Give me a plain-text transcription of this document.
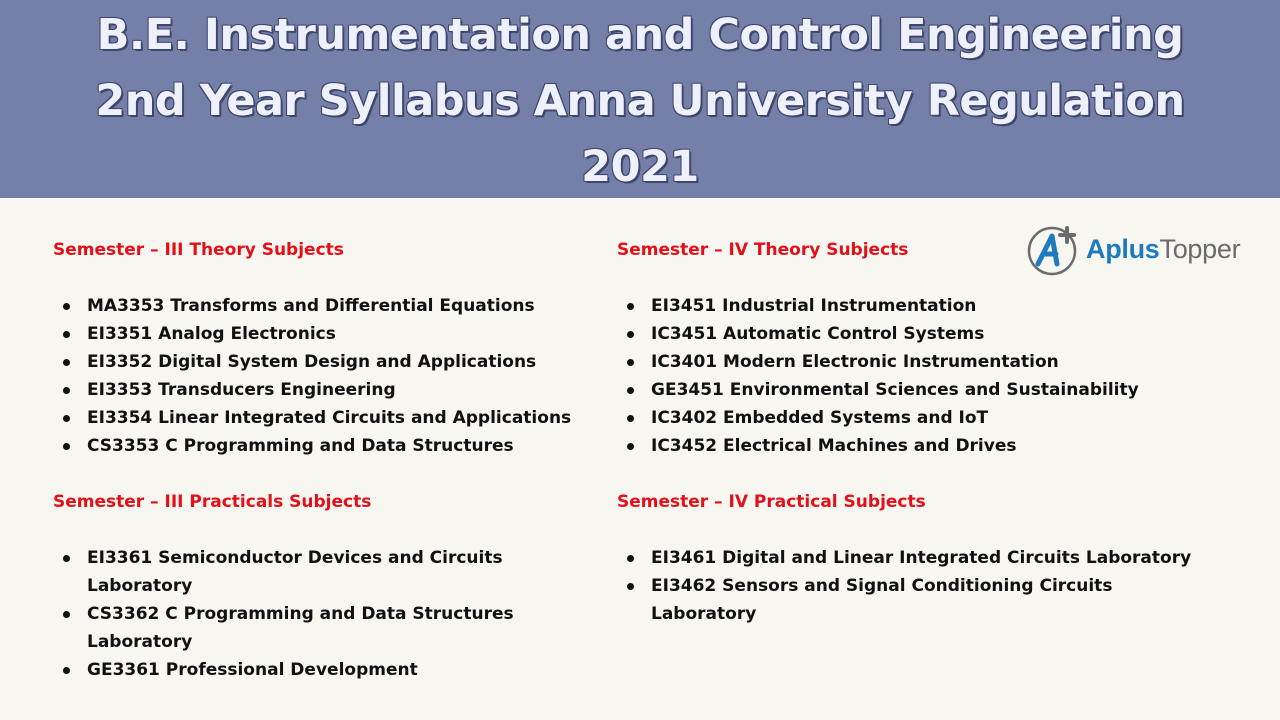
B.E. Instrumentation and Control Engineering 2nd Year Syllabus Anna University Regulation 2021
AplusTopper
Semester – III Theory Subjects
MA3353 Transforms and Differential Equations
EI3351 Analog Electronics
EI3352 Digital System Design and Applications
EI3353 Transducers Engineering
EI3354 Linear Integrated Circuits and Applications
CS3353 C Programming and Data Structures
Semester – III Practicals Subjects
EI3361 Semiconductor Devices and Circuits Laboratory
CS3362 C Programming and Data Structures Laboratory
GE3361 Professional Development
Semester – IV Theory Subjects
EI3451 Industrial Instrumentation
IC3451 Automatic Control Systems
IC3401 Modern Electronic Instrumentation
GE3451 Environmental Sciences and Sustainability
IC3402 Embedded Systems and IoT
IC3452 Electrical Machines and Drives
Semester – IV Practical Subjects
EI3461 Digital and Linear Integrated Circuits Laboratory
EI3462 Sensors and Signal Conditioning Circuits Laboratory
